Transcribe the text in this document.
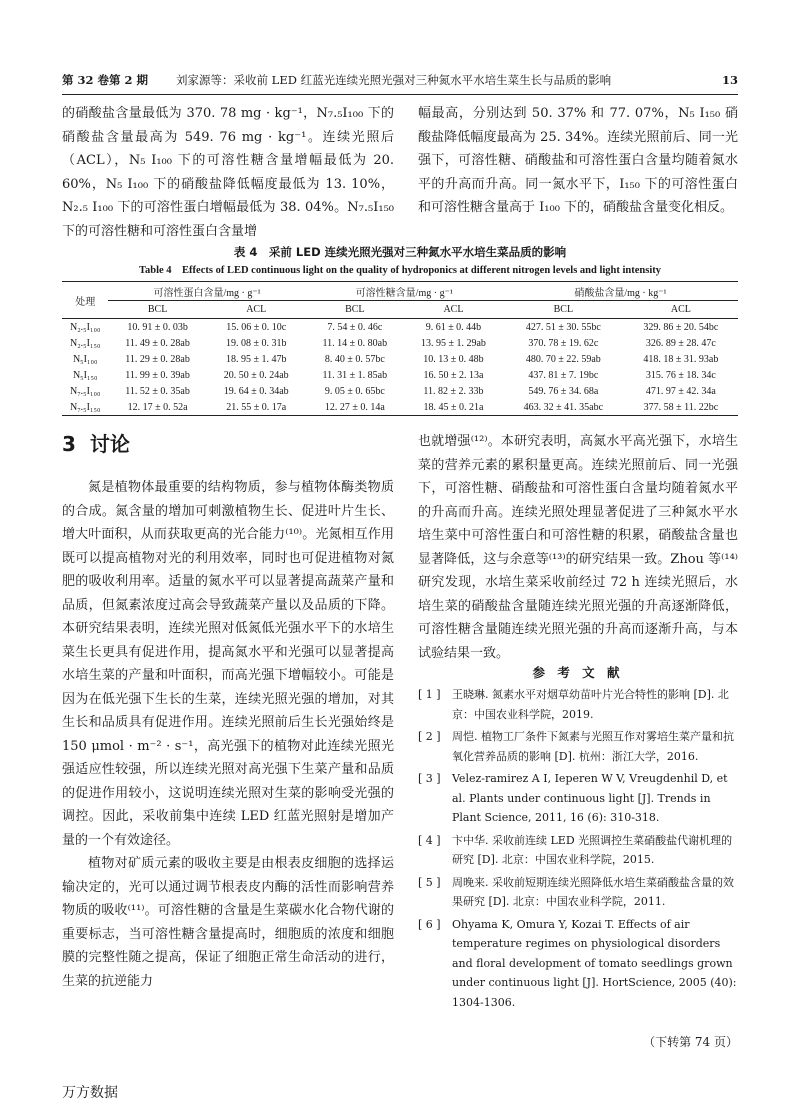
第 32 卷第 2 期 刘家源等：采收前 LED 红蓝光连续光照光强对三种氮水平水培生菜生长与品质的影响	13
的硝酸盐含量最低为 370. 78 mg · kg⁻¹，N₇.₅I₁₀₀ 下的硝酸盐含量最高为 549. 76 mg · kg⁻¹。连续光照后（ACL），N₅ I₁₀₀ 下的可溶性糖含量增幅最低为 20. 60%，N₅ I₁₀₀ 下的硝酸盐降低幅度最低为 13. 10%，N₂.₅ I₁₀₀ 下的可溶性蛋白增幅最低为 38. 04%。N₇.₅I₁₅₀ 下的可溶性糖和可溶性蛋白含量增
幅最高，分别达到 50. 37% 和 77. 07%，N₅ I₁₅₀ 硝酸盐降低幅度最高为 25. 34%。连续光照前后、同一光强下，可溶性糖、硝酸盐和可溶性蛋白含量均随着氮水平的升高而升高。同一氮水平下，I₁₅₀ 下的可溶性蛋白和可溶性糖含量高于 I₁₀₀ 下的，硝酸盐含量变化相反。
表 4　采前 LED 连续光照光强对三种氮水平水培生菜品质的影响
Table 4　Effects of LED continuous light on the quality of hydroponics at different nitrogen levels and light intensity
处理	可溶性蛋白含量/mg · g⁻¹		可溶性糖含量/mg · g⁻¹		硝酸盐含量/mg · kg⁻¹	
	BCL	ACL	BCL	ACL	BCL	ACL
N₂.₅I₁₀₀	10. 91 ± 0. 03b	15. 06 ± 0. 10c	7. 54 ± 0. 46c	9. 61 ± 0. 44b	427. 51 ± 30. 55bc	329. 86 ± 20. 54bc
N₂.₅I₁₅₀	11. 49 ± 0. 28ab	19. 08 ± 0. 31b	11. 14 ± 0. 80ab	13. 95 ± 1. 29ab	370. 78 ± 19. 62c	326. 89 ± 28. 47c
N₅I₁₀₀	11. 29 ± 0. 28ab	18. 95 ± 1. 47b	8. 40 ± 0. 57bc	10. 13 ± 0. 48b	480. 70 ± 22. 59ab	418. 18 ± 31. 93ab
N₅I₁₅₀	11. 99 ± 0. 39ab	20. 50 ± 0. 24ab	11. 31 ± 1. 85ab	16. 50 ± 2. 13a	437. 81 ± 7. 19bc	315. 76 ± 18. 34c
N₇.₅I₁₀₀	11. 52 ± 0. 35ab	19. 64 ± 0. 34ab	9. 05 ± 0. 65bc	11. 82 ± 2. 33b	549. 76 ± 34. 68a	471. 97 ± 42. 34a
N₇.₅I₁₅₀	12. 17 ± 0. 52a	21. 55 ± 0. 17a	12. 27 ± 0. 14a	18. 45 ± 0. 21a	463. 32 ± 41. 35abc	377. 58 ± 11. 22bc
3 讨论

氮是植物体最重要的结构物质，参与植物体酶类物质的合成。氮含量的增加可刺激植物生长、促进叶片生长、增大叶面积，从而获取更高的光合能力⁽¹⁰⁾。光氮相互作用既可以提高植物对光的利用效率，同时也可促进植物对氮肥的吸收利用率。适量的氮水平可以显著提高蔬菜产量和品质，但氮素浓度过高会导致蔬菜产量以及品质的下降。本研究结果表明，连续光照对低氮低光强水平下的水培生菜生长更具有促进作用，提高氮水平和光强可以显著提高水培生菜的产量和叶面积，而高光强下增幅较小。可能是因为在低光强下生长的生菜，连续光照光强的增加，对其生长和品质具有促进作用。连续光照前后生长光强始终是 150 μmol · m⁻² · s⁻¹，高光强下的植物对此连续光照光强适应性较强，所以连续光照对高光强下生菜产量和品质的促进作用较小，这说明连续光照对生菜的影响受光强的调控。因此，采收前集中连续 LED 红蓝光照射是增加产量的一个有效途径。

植物对矿质元素的吸收主要是由根表皮细胞的选择运输决定的，光可以通过调节根表皮内酶的活性而影响营养物质的吸收⁽¹¹⁾。可溶性糖的含量是生菜碳水化合物代谢的重要标志，当可溶性糖含量提高时，细胞质的浓度和细胞膜的完整性随之提高，保证了细胞正常生命活动的进行，生菜的抗逆能力

也就增强⁽¹²⁾。本研究表明，高氮水平高光强下，水培生菜的营养元素的累积量更高。连续光照前后、同一光强下，可溶性糖、硝酸盐和可溶性蛋白含量均随着氮水平的升高而升高。连续光照处理显著促进了三种氮水平水培生菜中可溶性蛋白和可溶性糖的积累，硝酸盐含量也显著降低，这与余意等⁽¹³⁾的研究结果一致。Zhou 等⁽¹⁴⁾研究发现，水培生菜采收前经过 72 h 连续光照后，水培生菜的硝酸盐含量随连续光照光强的升高逐渐降低，可溶性糖含量随连续光照光强的升高而逐渐升高，与本试验结果一致。

参 考 文 献
[ 1 ]	王晓琳. 氮素水平对烟草幼苗叶片光合特性的影响 [D]. 北京：中国农业科学院，2019.
[ 2 ]	周恺. 植物工厂条件下氮素与光照互作对雾培生菜产量和抗氧化营养品质的影响 [D]. 杭州：浙江大学，2016.
[ 3 ]	Velez-ramirez A I, Ieperen W V, Vreugdenhil D, et al. Plants under continuous light [J]. Trends in Plant Science, 2011, 16 (6): 310-318.
[ 4 ]	卞中华. 采收前连续 LED 光照调控生菜硝酸盐代谢机理的研究 [D]. 北京：中国农业科学院，2015.
[ 5 ]	周晚来. 采收前短期连续光照降低水培生菜硝酸盐含量的效果研究 [D]. 北京：中国农业科学院，2011.
[ 6 ]	Ohyama K, Omura Y, Kozai T. Effects of air temperature regimes on physiological disorders and floral development of tomato seedlings grown under continuous light [J]. HortScience, 2005 (40): 1304-1306.
（下转第 74 页）
万方数据
